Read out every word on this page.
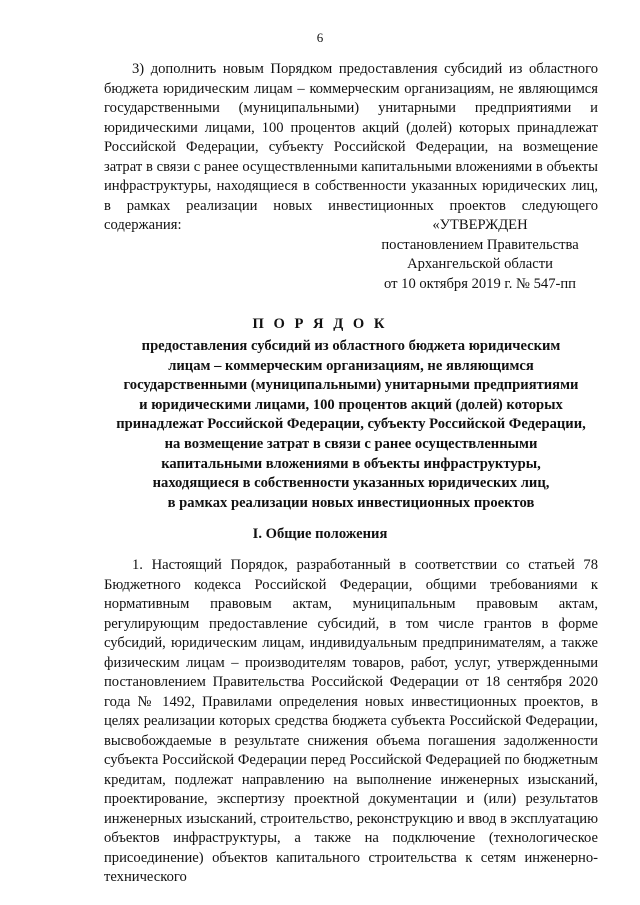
6

3) дополнить новым Порядком предоставления субсидий из областного бюджета юридическим лицам – коммерческим организациям, не являющимся государственными (муниципальными) унитарными предприятиями и юридическими лицами, 100 процентов акций (долей) которых принадлежат Российской Федерации, субъекту Российской Федерации, на возмещение затрат в связи с ранее осуществленными капитальными вложениями в объекты инфраструктуры, находящиеся в собственности указанных юридических лиц, в рамках реализации новых инвестиционных проектов следующего содержания:	«УТВЕРЖДЕН
постановлением Правительства
Архангельской области
от 10 октября 2019 г. № 547-пп
П О Р Я Д О К
предоставления субсидий из областного бюджета юридическим
лицам – коммерческим организациям, не являющимся
государственными (муниципальными) унитарными предприятиями
и юридическими лицами, 100 процентов акций (долей) которых
принадлежат Российской Федерации, субъекту Российской Федерации,
на возмещение затрат в связи с ранее осуществленными
капитальными вложениями в объекты инфраструктуры,
находящиеся в собственности указанных юридических лиц,
в рамках реализации новых инвестиционных проектов
I. Общие положения

1. Настоящий Порядок, разработанный в соответствии со статьей 78 Бюджетного кодекса Российской Федерации, общими требованиями к нормативным правовым актам, муниципальным правовым актам, регулирующим предоставление субсидий, в том числе грантов в форме субсидий, юридическим лицам, индивидуальным предпринимателям, а также физическим лицам – производителям товаров, работ, услуг, утвержденными постановлением Правительства Российской Федерации от 18 сентября 2020 года № 1492, Правилами определения новых инвестиционных проектов, в целях реализации которых средства бюджета субъекта Российской Федерации, высвобождаемые в результате снижения объема погашения задолженности субъекта Российской Федерации перед Российской Федерацией по бюджетным кредитам, подлежат направлению на выполнение инженерных изысканий, проектирование, экспертизу проектной документации и (или) результатов инженерных изысканий, строительство, реконструкцию и ввод в эксплуатацию объектов инфраструктуры, а также на подключение (технологическое присоединение) объектов капитального строительства к сетям инженерно-технического
